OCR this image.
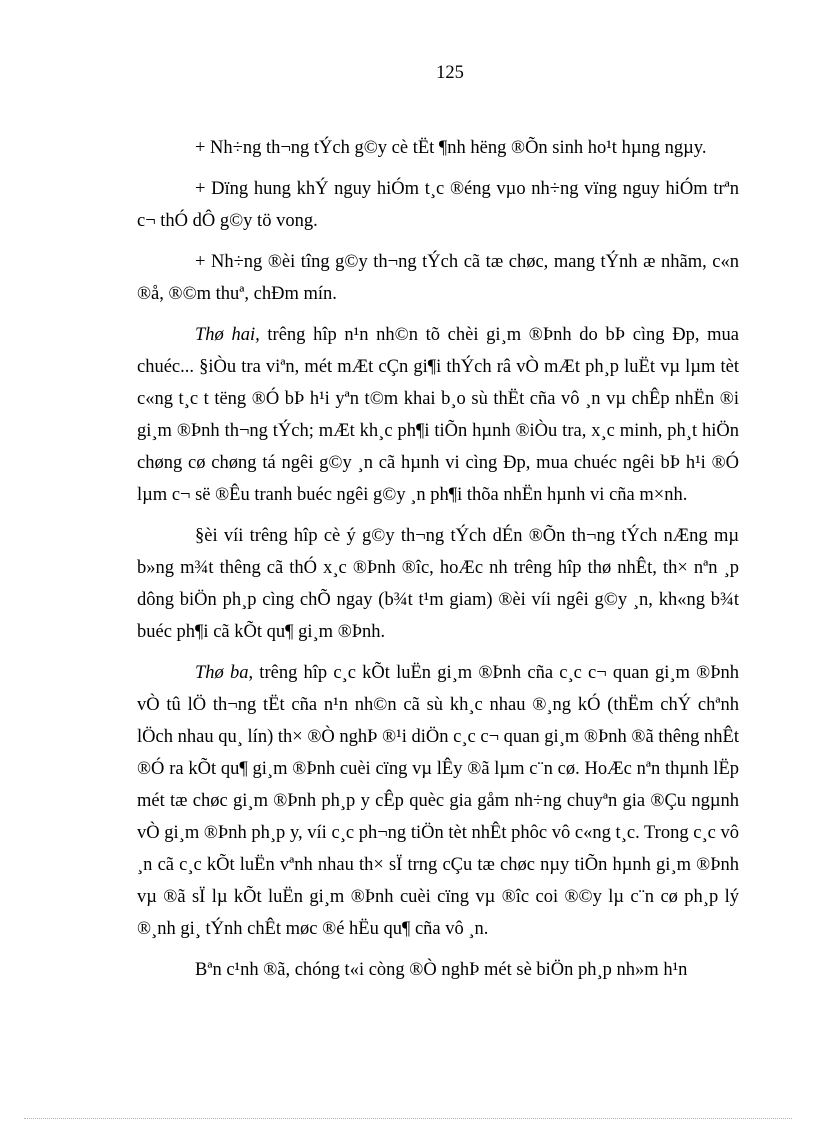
125

+ Nh÷ng th¬ng tÝch g©y cè tËt ¶nh hëng ®Õn sinh ho¹t hµng ngµy.

+ Dïng hung khÝ nguy hiÓm t¸c ®éng vµo nh÷ng vïng nguy hiÓm trªn c¬ thÓ dÔ g©y tö vong.

+ Nh÷ng ®èi tîng g©y th¬ng tÝch cã tæ chøc, mang tÝnh æ nhãm, c«n ®å, ®©m thuª, chÐm mín.

Thø hai, trêng hîp n¹n nh©n tõ chèi gi¸m ®Þnh do bÞ cìng Ðp, mua chuéc... §iÒu tra viªn, mét mÆt cÇn gi¶i thÝch râ vÒ mÆt ph¸p luËt vµ lµm tèt c«ng t¸c t tëng ®Ó bÞ h¹i yªn t©m khai b¸o sù thËt cña vô ¸n vµ chÊp nhËn ®i gi¸m ®Þnh th¬ng tÝch; mÆt kh¸c ph¶i tiÕn hµnh ®iÒu tra, x¸c minh, ph¸t hiÖn chøng cø chøng tá ngêi g©y ¸n cã hµnh vi cìng Ðp, mua chuéc ngêi bÞ h¹i ®Ó lµm c¬ së ®Êu tranh buéc ngêi g©y ¸n ph¶i thõa nhËn hµnh vi cña m×nh.

§èi víi trêng hîp cè ý g©y th¬ng tÝch dÉn ®Õn th¬ng tÝch nÆng mµ b»ng m¾t thêng cã thÓ x¸c ®Þnh ®îc, hoÆc nh trêng hîp thø nhÊt, th× nªn ¸p dông biÖn ph¸p cìng chÕ ngay (b¾t t¹m giam) ®èi víi ngêi g©y ¸n, kh«ng b¾t buéc ph¶i cã kÕt qu¶ gi¸m ®Þnh.

Thø ba, trêng hîp c¸c kÕt luËn gi¸m ®Þnh cña c¸c c¬ quan gi¸m ®Þnh vÒ tû lÖ th¬ng tËt cña n¹n nh©n cã sù kh¸c nhau ®¸ng kÓ (thËm chÝ chªnh lÖch nhau qu¸ lín) th× ®Ò nghÞ ®¹i diÖn c¸c c¬ quan gi¸m ®Þnh ®ã thêng nhÊt ®Ó ra kÕt qu¶ gi¸m ®Þnh cuèi cïng vµ lÊy ®ã lµm c¨n cø. HoÆc nªn thµnh lËp mét tæ chøc gi¸m ®Þnh ph¸p y cÊp quèc gia gåm nh÷ng chuyªn gia ®Çu ngµnh vÒ gi¸m ®Þnh ph¸p y, víi c¸c ph¬ng tiÖn tèt nhÊt phôc vô c«ng t¸c. Trong c¸c vô ¸n cã c¸c kÕt luËn vªnh nhau th× sÏ trng cÇu tæ chøc nµy tiÕn hµnh gi¸m ®Þnh vµ ®ã sÏ lµ kÕt luËn gi¸m ®Þnh cuèi cïng vµ ®îc coi ®©y lµ c¨n cø ph¸p lý ®¸nh gi¸ tÝnh chÊt møc ®é hËu qu¶ cña vô ¸n.

Bªn c¹nh ®ã, chóng t«i còng ®Ò nghÞ mét sè biÖn ph¸p nh»m h¹n
